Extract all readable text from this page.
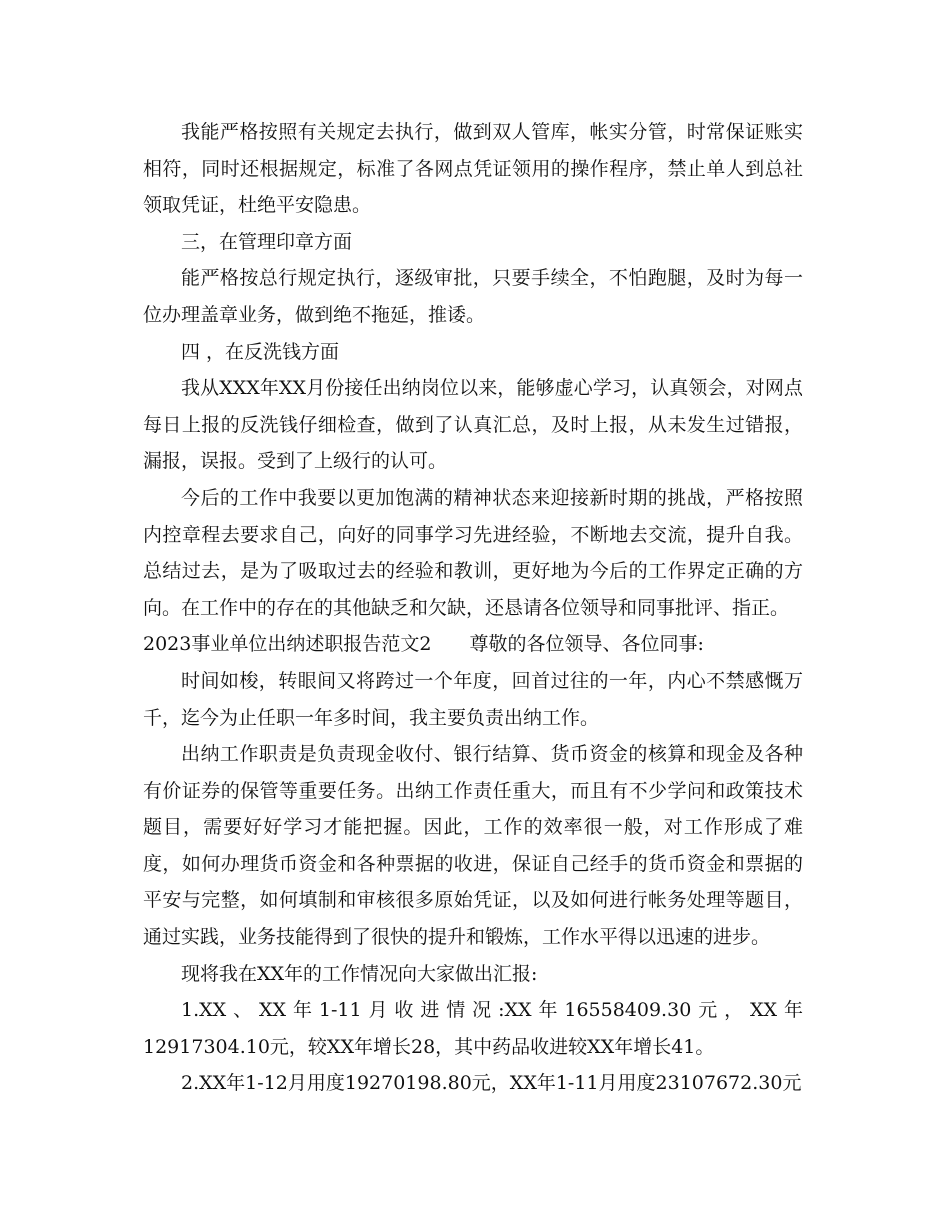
我能严格按照有关规定去执行，做到双人管库，帐实分管，时常保证账实相符，同时还根据规定，标准了各网点凭证领用的操作程序，禁止单人到总社领取凭证，杜绝平安隐患。

三，在管理印章方面

能严格按总行规定执行，逐级审批，只要手续全，不怕跑腿，及时为每一位办理盖章业务，做到绝不拖延，推诿。

四 ，在反洗钱方面

我从XXX年XX月份接任出纳岗位以来，能够虚心学习，认真领会，对网点每日上报的反洗钱仔细检查，做到了认真汇总，及时上报，从未发生过错报，漏报，误报。受到了上级行的认可。

今后的工作中我要以更加饱满的精神状态来迎接新时期的挑战，严格按照内控章程去要求自己，向好的同事学习先进经验，不断地去交流，提升自我。总结过去，是为了吸取过去的经验和教训，更好地为今后的工作界定正确的方向。在工作中的存在的其他缺乏和欠缺，还恳请各位领导和同事批评、指正。

2023事业单位出纳述职报告范文2　　尊敬的各位领导、各位同事:

时间如梭，转眼间又将跨过一个年度，回首过往的一年，内心不禁感慨万千，迄今为止任职一年多时间，我主要负责出纳工作。

出纳工作职责是负责现金收付、银行结算、货币资金的核算和现金及各种有价证券的保管等重要任务。出纳工作责任重大，而且有不少学问和政策技术题目，需要好好学习才能把握。因此，工作的效率很一般，对工作形成了难度，如何办理货币资金和各种票据的收进，保证自己经手的货币资金和票据的平安与完整，如何填制和审核很多原始凭证，以及如何进行帐务处理等题目，通过实践，业务技能得到了很快的提升和锻炼，工作水平得以迅速的进步。

现将我在XX年的工作情况向大家做出汇报:

1.XX、XX年1-11月收进情况:XX年16558409.30元，XX年12917304.10元，较XX年增长28，其中药品收进较XX年增长41。

2.XX年1-12月用度19270198.80元，XX年1-11月用度23107672.30元
